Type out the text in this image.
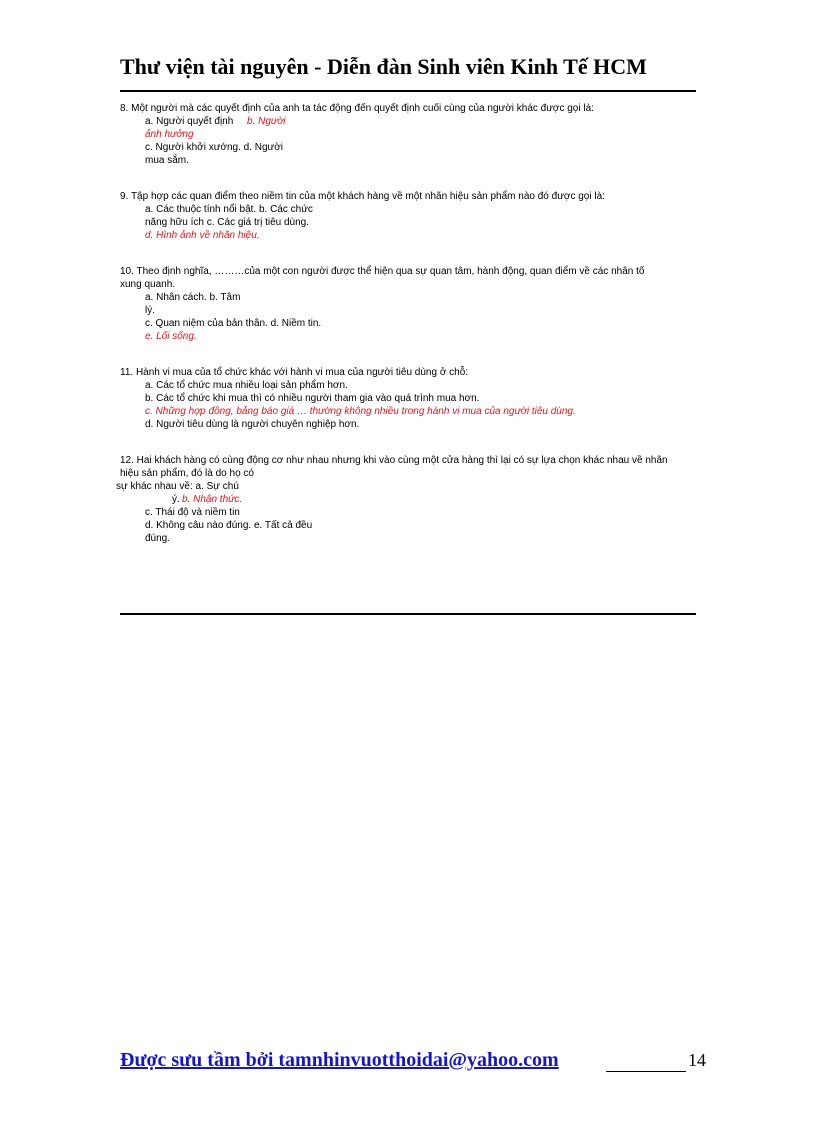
Thư viện tài nguyên - Diễn đàn Sinh viên Kinh Tế HCM
8. Một người mà các quyết định của anh ta tác động đến quyết định cuối cùng của người khác được gọi là:
a. Người quyết định b. Người
ảnh hưởng
c. Người khởi xướng. d. Người
mua sắm.
9. Tập hợp các quan điểm theo niềm tin của một khách hàng về một nhãn hiệu sản phẩm nào đó được gọi là:
a. Các thuộc tính nổi bật. b. Các chức
năng hữu ích c. Các giá trị tiêu dùng.
d. Hình ảnh về nhãn hiệu.
10. Theo định nghĩa, ………của một con người được thể hiện qua sự quan tâm, hành động, quan điểm về các nhân tố
xung quanh.
a. Nhân cách. b. Tâm
lý.
c. Quan niệm của bản thân. d. Niềm tin.
e. Lối sống.
11. Hành vi mua của tổ chức khác với hành vi mua của người tiêu dùng ở chỗ:
a. Các tổ chức mua nhiều loại sản phẩm hơn.
b. Các tổ chức khi mua thì có nhiều người tham gia vào quá trình mua hơn.
c. Những hợp đồng, bảng báo giá … thường không nhiều trong hành vi mua của người tiêu dùng.
d. Người tiêu dùng là người chuyên nghiệp hơn.
12. Hai khách hàng có cùng động cơ như nhau nhưng khi vào cùng một cửa hàng thì lại có sự lựa chọn khác nhau về nhãn
hiệu sản phẩm, đó là do họ có
sự khác nhau về: a. Sự chú
ý. b. Nhận thức.
c. Thái độ và niềm tin
d. Không câu nào đúng. e. Tất cả đều
đúng.
Được sưu tầm bởi tamnhinvuotthoidai@yahoo.com	14
